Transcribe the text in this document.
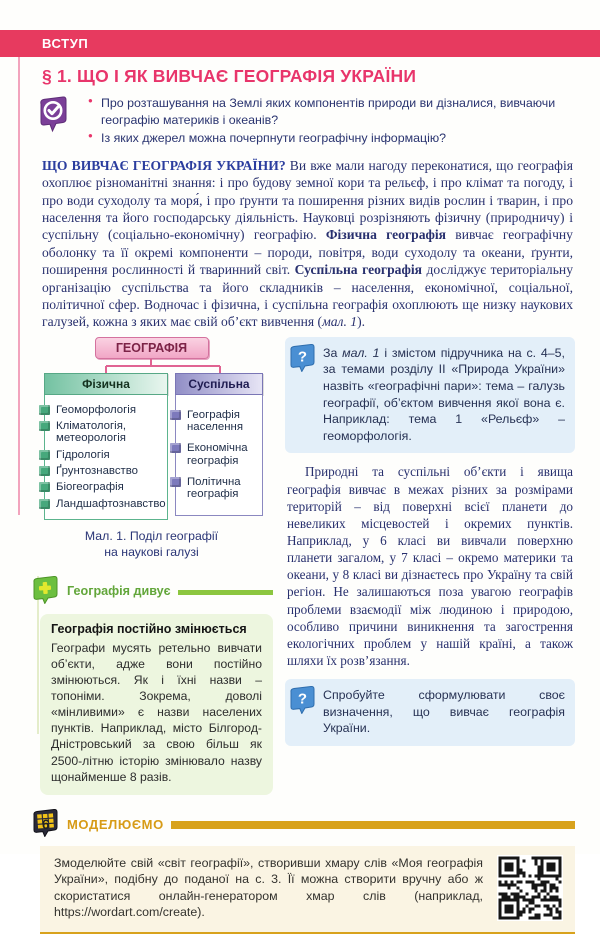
ВСТУП
§ 1. ЩО І ЯК ВИВЧАЄ ГЕОГРАФІЯ УКРАЇНИ
● Про розташування на Землі яких компонентів природи ви дізналися, вивчаючи географію материків і океанів?
● Із яких джерел можна почерпнути географічну інформацію?

ЩО ВИВЧАЄ ГЕОГРАФІЯ УКРАЇНИ? Ви вже мали нагоду переконатися, що географія охоплює різноманітні знання: і про будову земної кори та рельєф, і про клімат та погоду, і про води суходолу та моря́, і про ґрунти та поширення різних видів рослин і тварин, і про населення та його господарську діяльність. Науковці розрізняють фізичну (природничу) і суспільну (соціально-економічну) географію. Фізична географія вивчає географічну оболонку та її окремі компоненти – породи, повітря, води суходолу та океани, ґрунти, поширення рослинності й тваринний світ. Суспільна географія досліджує територіальну організацію суспільства та його складників – населення, економічної, соціальної, політичної сфер. Водночас і фізична, і суспільна географія охоплюють ще низку наукових галузей, кожна з яких має свій об’єкт вивчення (мал. 1).

ГЕОГРАФІЯ
Фізична
Геоморфологія
Кліматологія, метеорологія
Гідрологія
Ґрунтознавство
Біогеографія
Ландшафтознавство
Суспільна
Географія населення
Економічна географія
Політична географія
Мал. 1. Поділ географії
на наукові галузі
Географія дивує
Географія постійно змінюється
Географи мусять ретельно вивчати об’єкти, адже вони постійно змінюються. Як і їхні назви – топоніми. Зокрема, доволі «мінливими» є назви населених пунктів. Наприклад, місто Білгород-Дністровський за свою більш як 2500-літню історію змінювало назву щонайменше 8 разів.
? За мал. 1 і змістом підручника на с. 4–5, за темами розділу ІІ «Природа України» назвіть «географічні пари»: тема – галузь географії, об’єктом вивчення якої вона є. Наприклад: тема 1 «Рельєф» – геоморфологія.

Природні та суспільні об’єкти і явища географія вивчає в межах різних за розмірами територій – від поверхні всієї планети до невеликих місцевостей і окремих пунктів. Наприклад, у 6 класі ви вивчали поверхню планети загалом, у 7 класі – окремо материки та океани, у 8 класі ви дізнаєтесь про Україну та свій регіон. Не залишаються поза увагою географів проблеми взаємодії між людиною і природою, особливо причини виникнення та загострення екологічних проблем у нашій країні, а також шляхи їх розв’язання.

? Спробуйте сформулювати своє визначення, що вивчає географія України.
МОДЕЛЮЄМО
Змоделюйте свій «світ географії», створивши хмару слів «Моя географія України», подібну до поданої на с. 3. Її можна створити вручну або ж скористатися онлайн-генератором хмар слів (наприклад, https://wordart.com/create).
6
